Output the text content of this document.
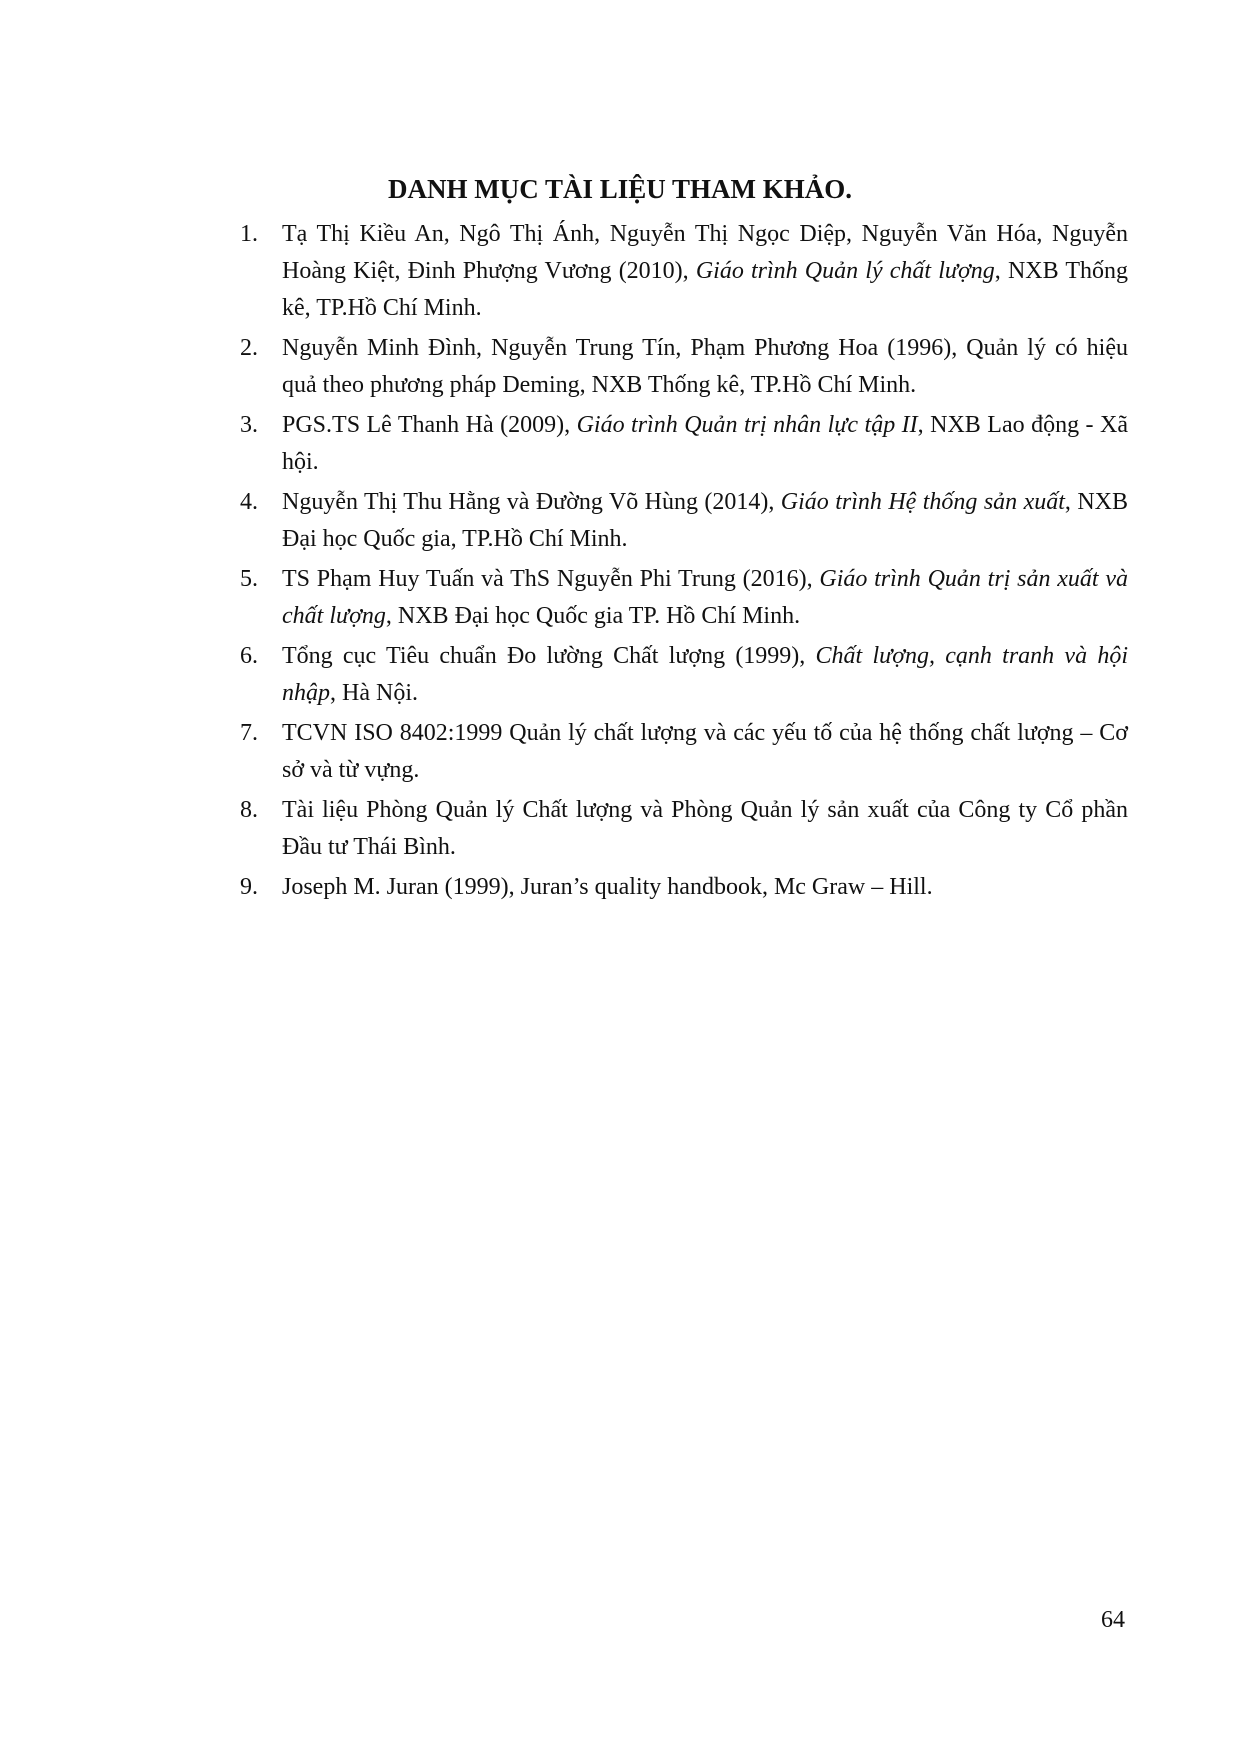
DANH MỤC TÀI LIỆU THAM KHẢO.
1. Tạ Thị Kiều An, Ngô Thị Ánh, Nguyễn Thị Ngọc Diệp, Nguyễn Văn Hóa, Nguyễn Hoàng Kiệt, Đinh Phượng Vương (2010), Giáo trình Quản lý chất lượng, NXB Thống kê, TP.Hồ Chí Minh.
2. Nguyễn Minh Đình, Nguyễn Trung Tín, Phạm Phương Hoa (1996), Quản lý có hiệu quả theo phương pháp Deming, NXB Thống kê, TP.Hồ Chí Minh.
3. PGS.TS Lê Thanh Hà (2009), Giáo trình Quản trị nhân lực tập II, NXB Lao động - Xã hội.
4. Nguyễn Thị Thu Hằng và Đường Võ Hùng (2014), Giáo trình Hệ thống sản xuất, NXB Đại học Quốc gia, TP.Hồ Chí Minh.
5. TS Phạm Huy Tuấn và ThS Nguyễn Phi Trung (2016), Giáo trình Quản trị sản xuất và chất lượng, NXB Đại học Quốc gia TP. Hồ Chí Minh.
6. Tổng cục Tiêu chuẩn Đo lường Chất lượng (1999), Chất lượng, cạnh tranh và hội nhập, Hà Nội.
7. TCVN ISO 8402:1999 Quản lý chất lượng và các yếu tố của hệ thống chất lượng – Cơ sở và từ vựng.
8. Tài liệu Phòng Quản lý Chất lượng và Phòng Quản lý sản xuất của Công ty Cổ phần Đầu tư Thái Bình.
9. Joseph M. Juran (1999), Juran’s quality handbook, Mc Graw – Hill.
64
